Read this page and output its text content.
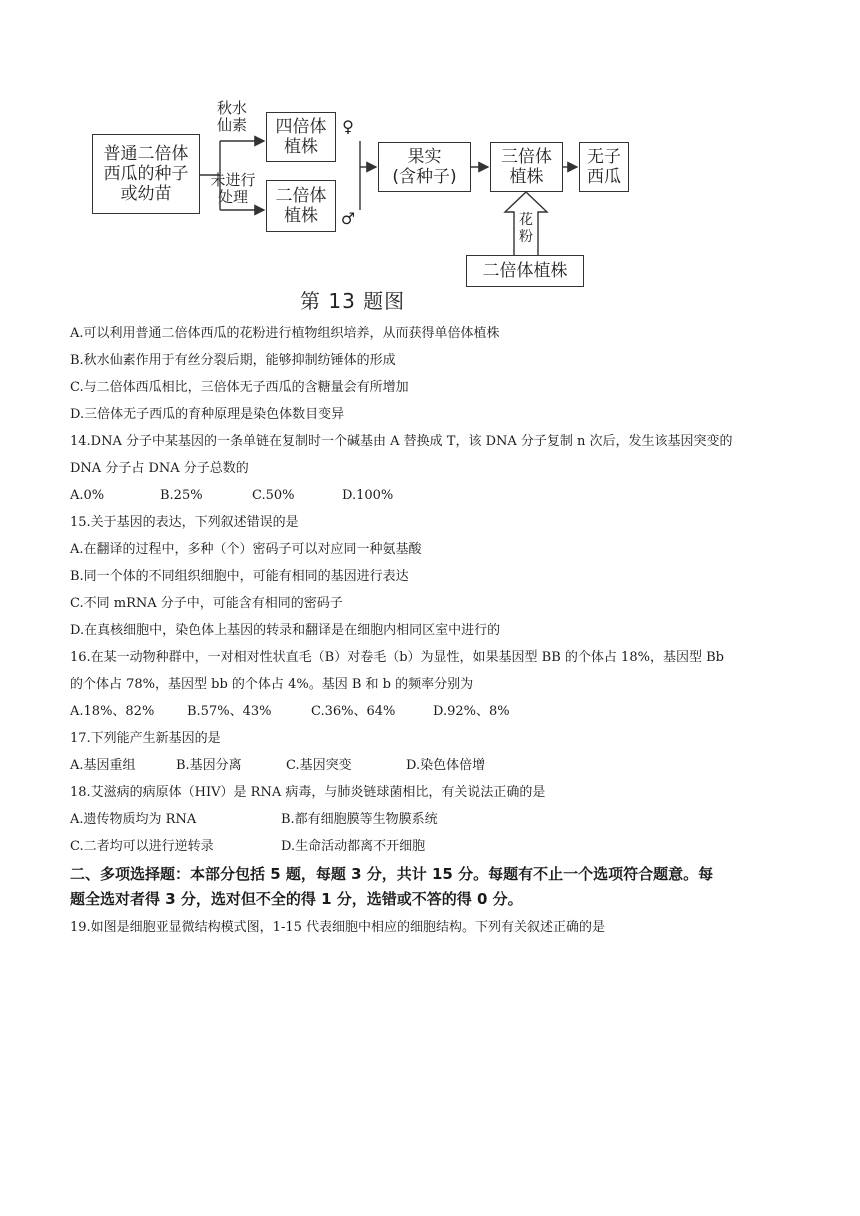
普通二倍体
西瓜的种子
或幼苗
秋水
仙素
未进行
处理
四倍体
植株
♀
二倍体
植株	♂
果实
(含种子)
三倍体
植株
无子
西瓜
花
粉
二倍体植株
第 13 题图
A.可以利用普通二倍体西瓜的花粉进行植物组织培养，从而获得单倍体植株
B.秋水仙素作用于有丝分裂后期，能够抑制纺锤体的形成
C.与二倍体西瓜相比，三倍体无子西瓜的含糖量会有所增加
D.三倍体无子西瓜的育种原理是染色体数目变异
14.DNA 分子中某基因的一条单链在复制时一个碱基由 A 替换成 T，该 DNA 分子复制 n 次后，发生该基因突变的
DNA 分子占 DNA 分子总数的
A.0%	B.25%	C.50%	D.100%
15.关于基因的表达，下列叙述错误的是
A.在翻译的过程中，多种（个）密码子可以对应同一种氨基酸
B.同一个体的不同组织细胞中，可能有相同的基因进行表达
C.不同 mRNA 分子中，可能含有相同的密码子
D.在真核细胞中，染色体上基因的转录和翻译是在细胞内相同区室中进行的
16.在某一动物种群中，一对相对性状直毛（B）对卷毛（b）为显性，如果基因型 BB 的个体占 18%，基因型 Bb
的个体占 78%，基因型 bb 的个体占 4%。基因 B 和 b 的频率分别为
A.18%、82%	B.57%、43%	C.36%、64%	D.92%、8%
17.下列能产生新基因的是
A.基因重组	B.基因分离	C.基因突变	D.染色体倍增
18.艾滋病的病原体（HIV）是 RNA 病毒，与肺炎链球菌相比，有关说法正确的是
A.遗传物质均为 RNA	B.都有细胞膜等生物膜系统
C.二者均可以进行逆转录	D.生命活动都离不开细胞
二、多项选择题：本部分包括 5 题，每题 3 分，共计 15 分。每题有不止一个选项符合题意。每
题全选对者得 3 分，选对但不全的得 1 分，选错或不答的得 0 分。
19.如图是细胞亚显微结构模式图，1-15 代表细胞中相应的细胞结构。下列有关叙述正确的是
